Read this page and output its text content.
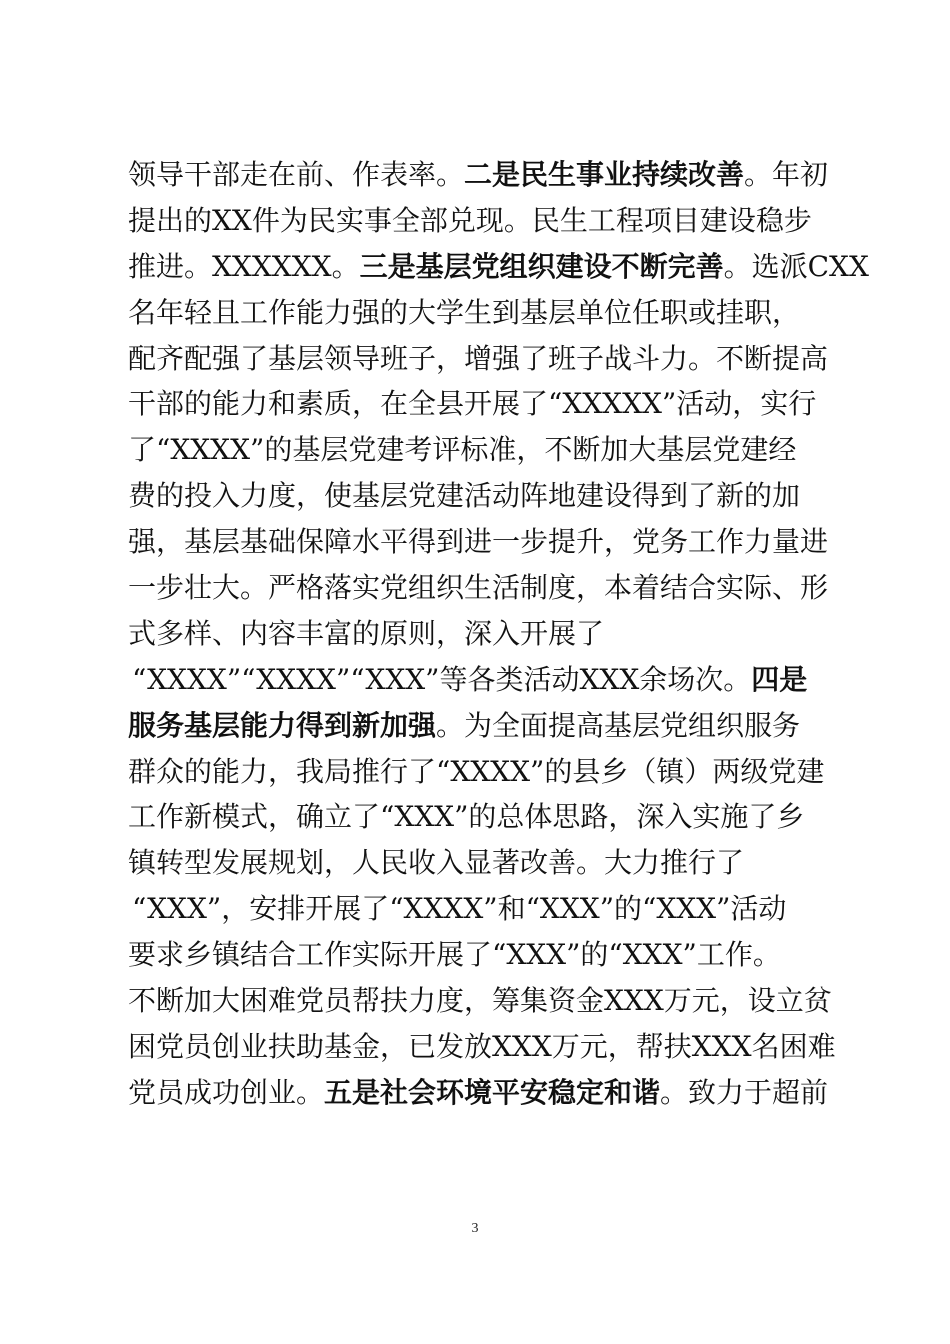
领导干部走在前、作表率。二是民生事业持续改善。年初
提出的XX件为民实事全部兑现。民生工程项目建设稳步
推进。XXXXXX。三是基层党组织建设不断完善。选派CXX
名年轻且工作能力强的大学生到基层单位任职或挂职，
配齐配强了基层领导班子，增强了班子战斗力。不断提高
干部的能力和素质，在全县开展了“XXXXX”活动，实行
了“XXXX”的基层党建考评标准，不断加大基层党建经
费的投入力度，使基层党建活动阵地建设得到了新的加
强，基层基础保障水平得到进一步提升，党务工作力量进
一步壮大。严格落实党组织生活制度，本着结合实际、形
式多样、内容丰富的原则，深入开展了
“XXXX”“XXXX”“XXX”等各类活动XXX余场次。四是
服务基层能力得到新加强。为全面提高基层党组织服务
群众的能力，我局推行了“XXXX”的县乡（镇）两级党建
工作新模式，确立了“XXX”的总体思路，深入实施了乡
镇转型发展规划，人民收入显著改善。大力推行了
“XXX”，安排开展了“XXXX”和“XXX”的“XXX”活动
要求乡镇结合工作实际开展了“XXX”的“XXX”工作。
不断加大困难党员帮扶力度，筹集资金XXX万元，设立贫
困党员创业扶助基金，已发放XXX万元，帮扶XXX名困难
党员成功创业。五是社会环境平安稳定和谐。致力于超前
3
